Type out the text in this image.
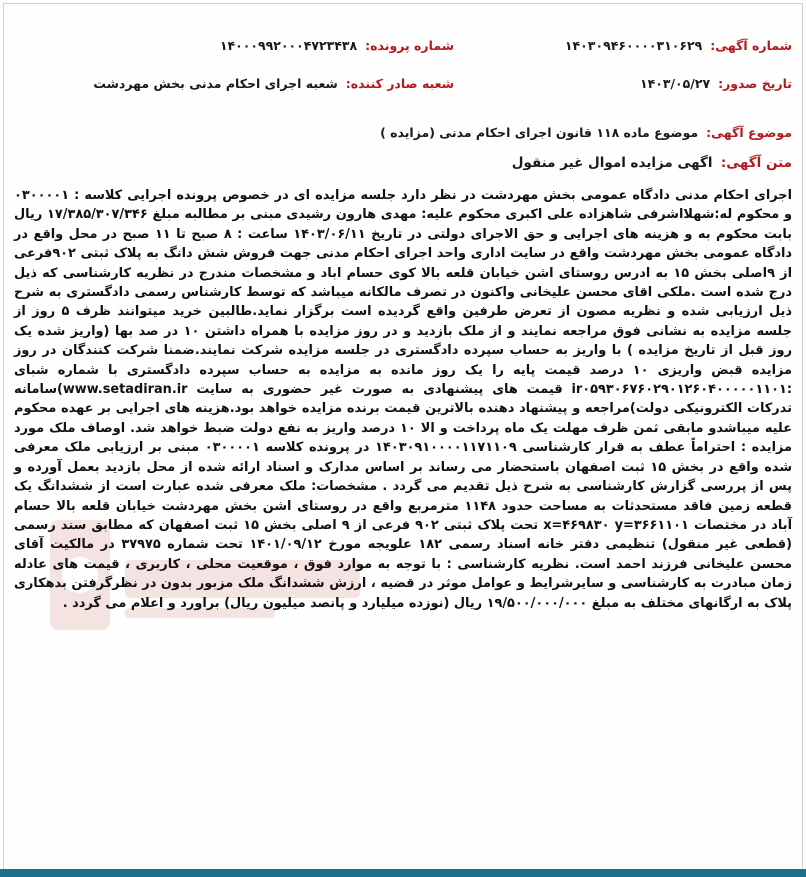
شماره آگهی: ۱۴۰۳۰۹۴۶۰۰۰۰۳۱۰۶۲۹
شماره پرونده: ۱۴۰۰۰۹۹۲۰۰۰۴۷۲۳۴۳۸
تاریخ صدور: ۱۴۰۳/۰۵/۲۷
شعبه صادر کننده: شعبه اجرای احکام مدنی بخش مهردشت
موضوع آگهی: موضوع ماده ۱۱۸ قانون اجرای احکام مدنی (مزایده )
متن آگهی: اگهی مزایده اموال غیر منقول

اجرای احکام مدنی دادگاه عمومی بخش مهردشت در نظر دارد جلسه مزایده ای در خصوص پرونده اجرایی کلاسه : ۰۳۰۰۰۰۱ و محکوم له:شهلااشرفی شاهزاده علی اکبری محکوم علیه: مهدی هارون رشیدی مبنی بر مطالبه مبلغ ۱۷/۳۸۵/۳۰۷/۳۴۶ ریال بابت محکوم به و هزینه های اجرایی و حق الاجرای دولتی در تاریخ ۱۴۰۳/۰۶/۱۱ ساعت : ۸ صبح تا ۱۱ صبح در محل واقع در دادگاه عمومی بخش مهردشت واقع در سایت اداری واحد اجرای احکام مدنی جهت فروش شش دانگ به پلاک ثبتی ۹۰۲فرعی از ۹اصلی بخش ۱۵ به ادرس روستای اشن خیابان قلعه بالا کوی حسام اباد و مشخصات مندرج در نظریه کارشناسی که ذیل درج شده است .ملکی اقای محسن علیخانی واکنون در تصرف مالکانه میباشد که توسط کارشناس رسمی دادگستری به شرح ذیل ارزیابی شده و نظریه مصون از تعرض طرفین واقع گردیده است برگزار نماید.طالبین خرید میتوانند ظرف ۵ روز از جلسه مزایده به نشانی فوق مراجعه نمایند و از ملک بازدید و در روز مزایده با همراه داشتن ۱۰ در صد بها (واریز شده یک روز قبل از تاریخ مزایده ) با واریز به حساب سپرده دادگستری در جلسه مزایده شرکت نمایند.ضمنا شرکت کنندگان در روز مزایده قبض واریزی ۱۰ درصد قیمت پایه را یک روز مانده به مزایده به حساب سپرده دادگستری با شماره شبای :ir۰۵۹۳۰۶۷۶۰۲۹۰۱۲۶۰۴۰۰۰۰۰۱۱۰۱ قیمت های پیشنهادی به صورت غیر حضوری به سایت www.setadiran.ir)سامانه تدرکات الکترونیکی دولت)مراجعه و پیشنهاد دهنده بالاترین قیمت برنده مزایده خواهد بود.هزینه های اجرایی بر عهده محکوم علیه میباشدو مابقی ثمن ظرف مهلت یک ماه پرداخت و الا ۱۰ درصد واریز به نفع دولت ضبط خواهد شد. اوصاف ملک مورد مزایده : احتراماً عطف به قرار کارشناسی ۱۴۰۳۰۹۱۰۰۰۰۱۱۷۱۱۰۹ در پرونده کلاسه ۰۳۰۰۰۰۱ مبنی بر ارزیابی ملک معرفی شده واقع در بخش ۱۵ ثبت اصفهان باستحضار می رساند بر اساس مدارک و اسناد ارائه شده از محل بازدید بعمل آورده و پس از پررسی گزارش کارشناسی به شرح ذیل تقدیم می گردد . مشخصات: ملک معرفی شده عبارت است از ششدانگ یک قطعه زمین فاقد مستحدثات به مساحت حدود ۱۱۴۸ مترمربع واقع در روستای اشن بخش مهردشت خیابان قلعه بالا حسام آباد در مختصات x=۴۶۹۸۳۰ y=۳۶۶۱۱۰۱ تحت پلاک ثبتی ۹۰۲ فرعی از ۹ اصلی بخش ۱۵ ثبت اصفهان که مطابق سند رسمی (قطعی غیر منقول) تنظیمی دفتر خانه اسناد رسمی ۱۸۲ علویجه مورخ ۱۴۰۱/۰۹/۱۲ تحت شماره ۳۷۹۷۵ در مالکیت آقای محسن علیخانی فرزند احمد است. نظریه کارشناسی : با توجه به موارد فوق ، موقعیت محلی ، کاربری ، قیمت های عادله زمان مبادرت به کارشناسی و سایرشرایط و عوامل موثر در قضیه ، ارزش ششدانگ ملک مزبور بدون در نظرگرفتن بدهکاری پلاک به ارگانهای مختلف به مبلغ ۱۹/۵۰۰/۰۰۰/۰۰۰ ریال (نوزده میلیارد و پانصد میلیون ریال) براورد و اعلام می گردد .
